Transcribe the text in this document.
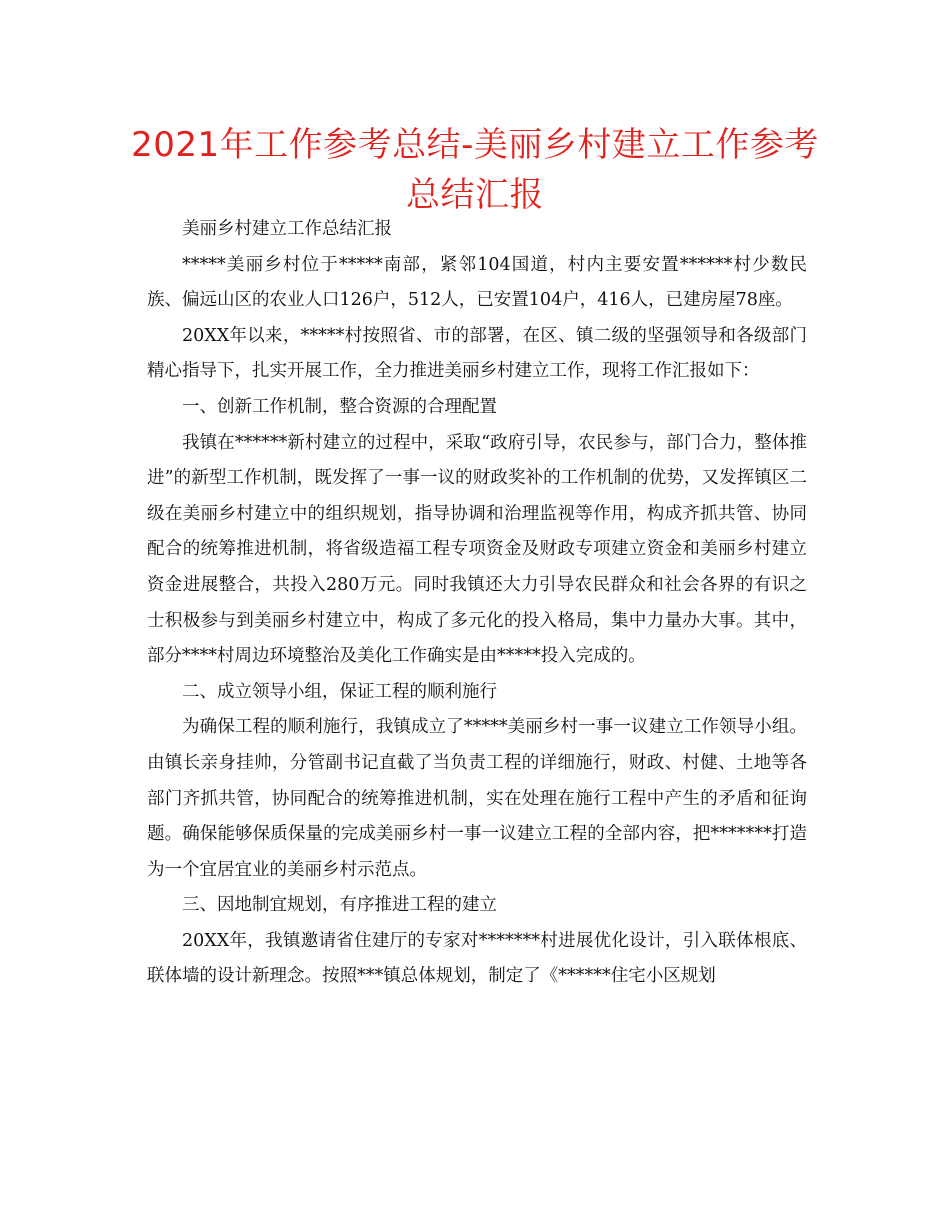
2021年工作参考总结-美丽乡村建立工作参考总结汇报

美丽乡村建立工作总结汇报

*****美丽乡村位于*****南部，紧邻104国道，村内主要安置******村少数民族、偏远山区的农业人口126户，512人，已安置104户，416人，已建房屋78座。

20XX年以来，*****村按照省、市的部署，在区、镇二级的坚强领导和各级部门精心指导下，扎实开展工作，全力推进美丽乡村建立工作，现将工作汇报如下：

一、创新工作机制，整合资源的合理配置

我镇在******新村建立的过程中，采取“政府引导，农民参与，部门合力，整体推进”的新型工作机制，既发挥了一事一议的财政奖补的工作机制的优势，又发挥镇区二级在美丽乡村建立中的组织规划，指导协调和治理监视等作用，构成齐抓共管、协同配合的统筹推进机制，将省级造福工程专项资金及财政专项建立资金和美丽乡村建立资金进展整合，共投入280万元。同时我镇还大力引导农民群众和社会各界的有识之士积极参与到美丽乡村建立中，构成了多元化的投入格局，集中力量办大事。其中，部分****村周边环境整治及美化工作确实是由*****投入完成的。

二、成立领导小组，保证工程的顺利施行

为确保工程的顺利施行，我镇成立了*****美丽乡村一事一议建立工作领导小组。由镇长亲身挂帅，分管副书记直截了当负责工程的详细施行，财政、村健、土地等各部门齐抓共管，协同配合的统筹推进机制，实在处理在施行工程中产生的矛盾和征询题。确保能够保质保量的完成美丽乡村一事一议建立工程的全部内容，把*******打造为一个宜居宜业的美丽乡村示范点。

三、因地制宜规划，有序推进工程的建立

20XX年，我镇邀请省住建厅的专家对*******村进展优化设计，引入联体根底、联体墙的设计新理念。按照***镇总体规划，制定了《******住宅小区规划
